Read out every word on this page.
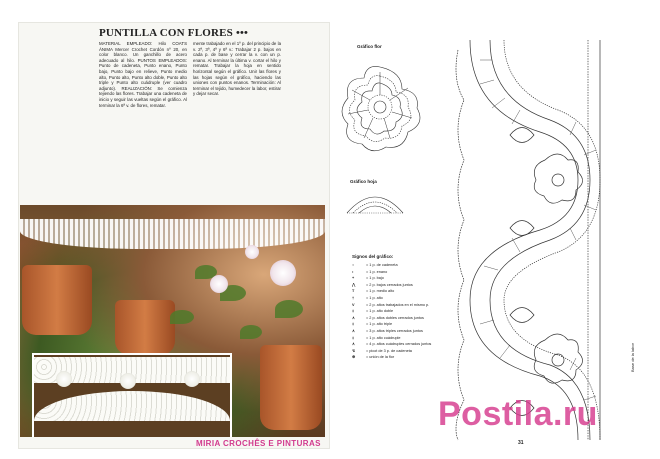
PUNTILLA CON FLORES •••
MATERIAL EMPLEADO: Hilo COATS ÁNIMA Mercer Crochet Cordón nº 20, en color blanco. Un ganchillo de acero adecuado al hilo. PUNTOS EMPLEADOS: Punto de cadeneta, Punto enano, Punto bajo, Punto bajo en relieve, Punto medio alto, Punto alto, Punto alto doble, Punto alto triple y Punto alto cuádruple (ver cuadro adjunto). REALIZACIÓN: Se comienza tejiendo las flores. Trabajar una cadeneta de inicio y seguir las vueltas según el gráfico. Al terminar la 6ª v. de flores, rematar.
mente trabajado en el 1º p. del principio de la v. 2ª, 3ª, 4ª y 6ª v.: Trabajar 2 p. bajos en cada p. de base y cerrar la v. con un p. enano. Al terminar la última v. cortar el hilo y rematar. Trabajar la hoja en sentido horizontal según el gráfico. Unir las flores y las hojas según el gráfico, haciendo las uniones con puntos enanos. Terminación: Al terminar el tejido, humedecer la labor, estirar y dejar secar.
MIRIA CROCHÊS E PINTURAS
Gráfico flor
Gráfico hoja
Signos del gráfico:
○	= 1 p. de cadeneta
•	= 1 p. enano
+	= 1 p. bajo
⋀	= 2 p. bajos cerrados juntos
T	= 1 p. medio alto
†	= 1 p. alto
V	= 2 p. altos trabajados en el mismo p.
‡	= 1 p. alto doble
∧	= 2 p. altos dobles cerrados juntos
‡	= 1 p. alto triple
∧	= 3 p. altos triples cerrados juntos
‡	= 1 p. alto cuádruple
∧	= 4 p. altos cuádruples cerrados juntos
↯	= picot de 3 p. de cadeneta
⊕	= unión de la flor	Base de la labor
31
Postila.ru
